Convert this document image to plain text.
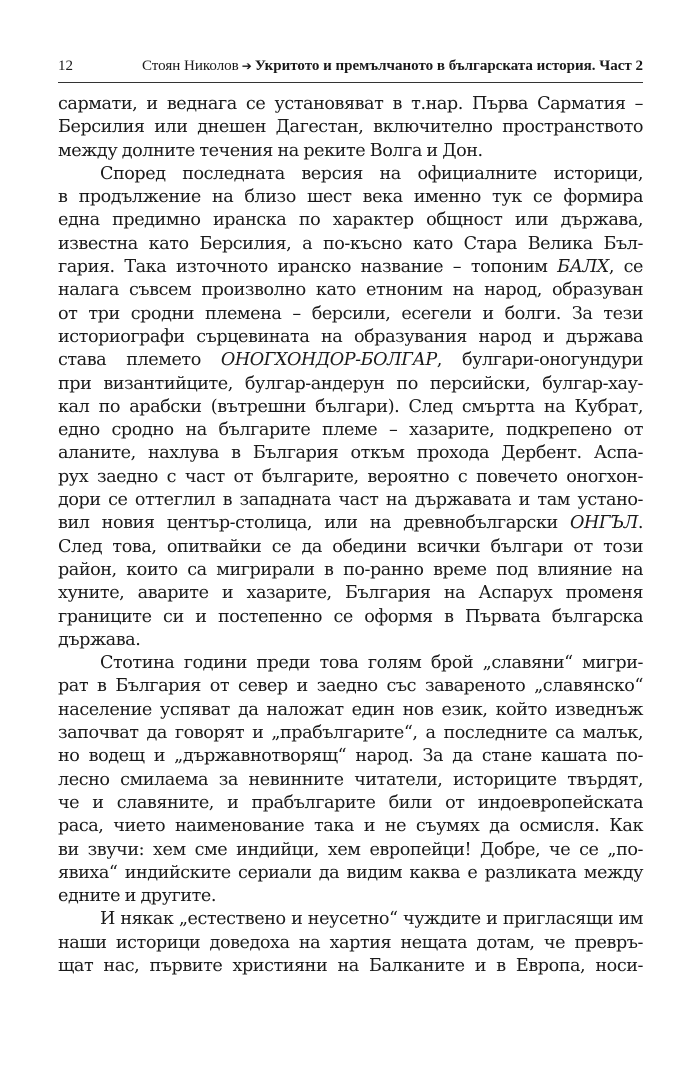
12	Стоян Николов ➔ Укритото и премълчаното в българската история. Част 2
сармати, и веднага се установяват в т.нар. Първа Сарматия –
Берсилия или днешен Дагестан, включително пространството
между долните течения на реките Волга и Дон.
Според последната версия на официалните историци,
в продължение на близо шест века именно тук се формира
една предимно иранска по характер общност или държава,
известна като Берсилия, а по-късно като Стара Велика Бъл-
гария. Така източното иранско название – топоним БАЛХ, се
налага съвсем произволно като етноним на народ, образуван
от три сродни племена – берсили, есегели и болги. За тези
историографи сърцевината на образувания народ и държава
става племето ОНОГХОНДОР-БОЛГАР, булгари-оногундури
при византийците, булгар-андерун по персийски, булгар-хау-
кал по арабски (вътрешни българи). След смъртта на Кубрат,
едно сродно на българите племе – хазарите, подкрепено от
аланите, нахлува в България откъм прохода Дербент. Аспа-
рух заедно с част от българите, вероятно с повечето оногхон-
дори се оттеглил в западната част на държавата и там устано-
вил новия център-столица, или на древнобългарски ОНГЪЛ.
След това, опитвайки се да обедини всички българи от този
район, които са мигрирали в по-ранно време под влияние на
хуните, аварите и хазарите, България на Аспарух променя
границите си и постепенно се оформя в Първата българска
държава.
Стотина години преди това голям брой „славяни“ мигри-
рат в България от север и заедно със завареното „славянско“
население успяват да наложат един нов език, който изведнъж
започват да говорят и „прабългарите“, а последните са малък,
но водещ и „държавнотворящ“ народ. За да стане кашата по-
лесно смилаема за невинните читатели, историците твърдят,
че и славяните, и прабългарите били от индоевропейската
раса, чието наименование така и не съумях да осмисля. Как
ви звучи: хем сме индийци, хем европейци! Добре, че се „по-
явиха“ индийските сериали да видим каква е разликата между
едните и другите.
И някак „естествено и неусетно“ чуждите и пригласящи им
наши историци доведоха на хартия нещата дотам, че превръ-
щат нас, първите християни на Балканите и в Европа, носи-
